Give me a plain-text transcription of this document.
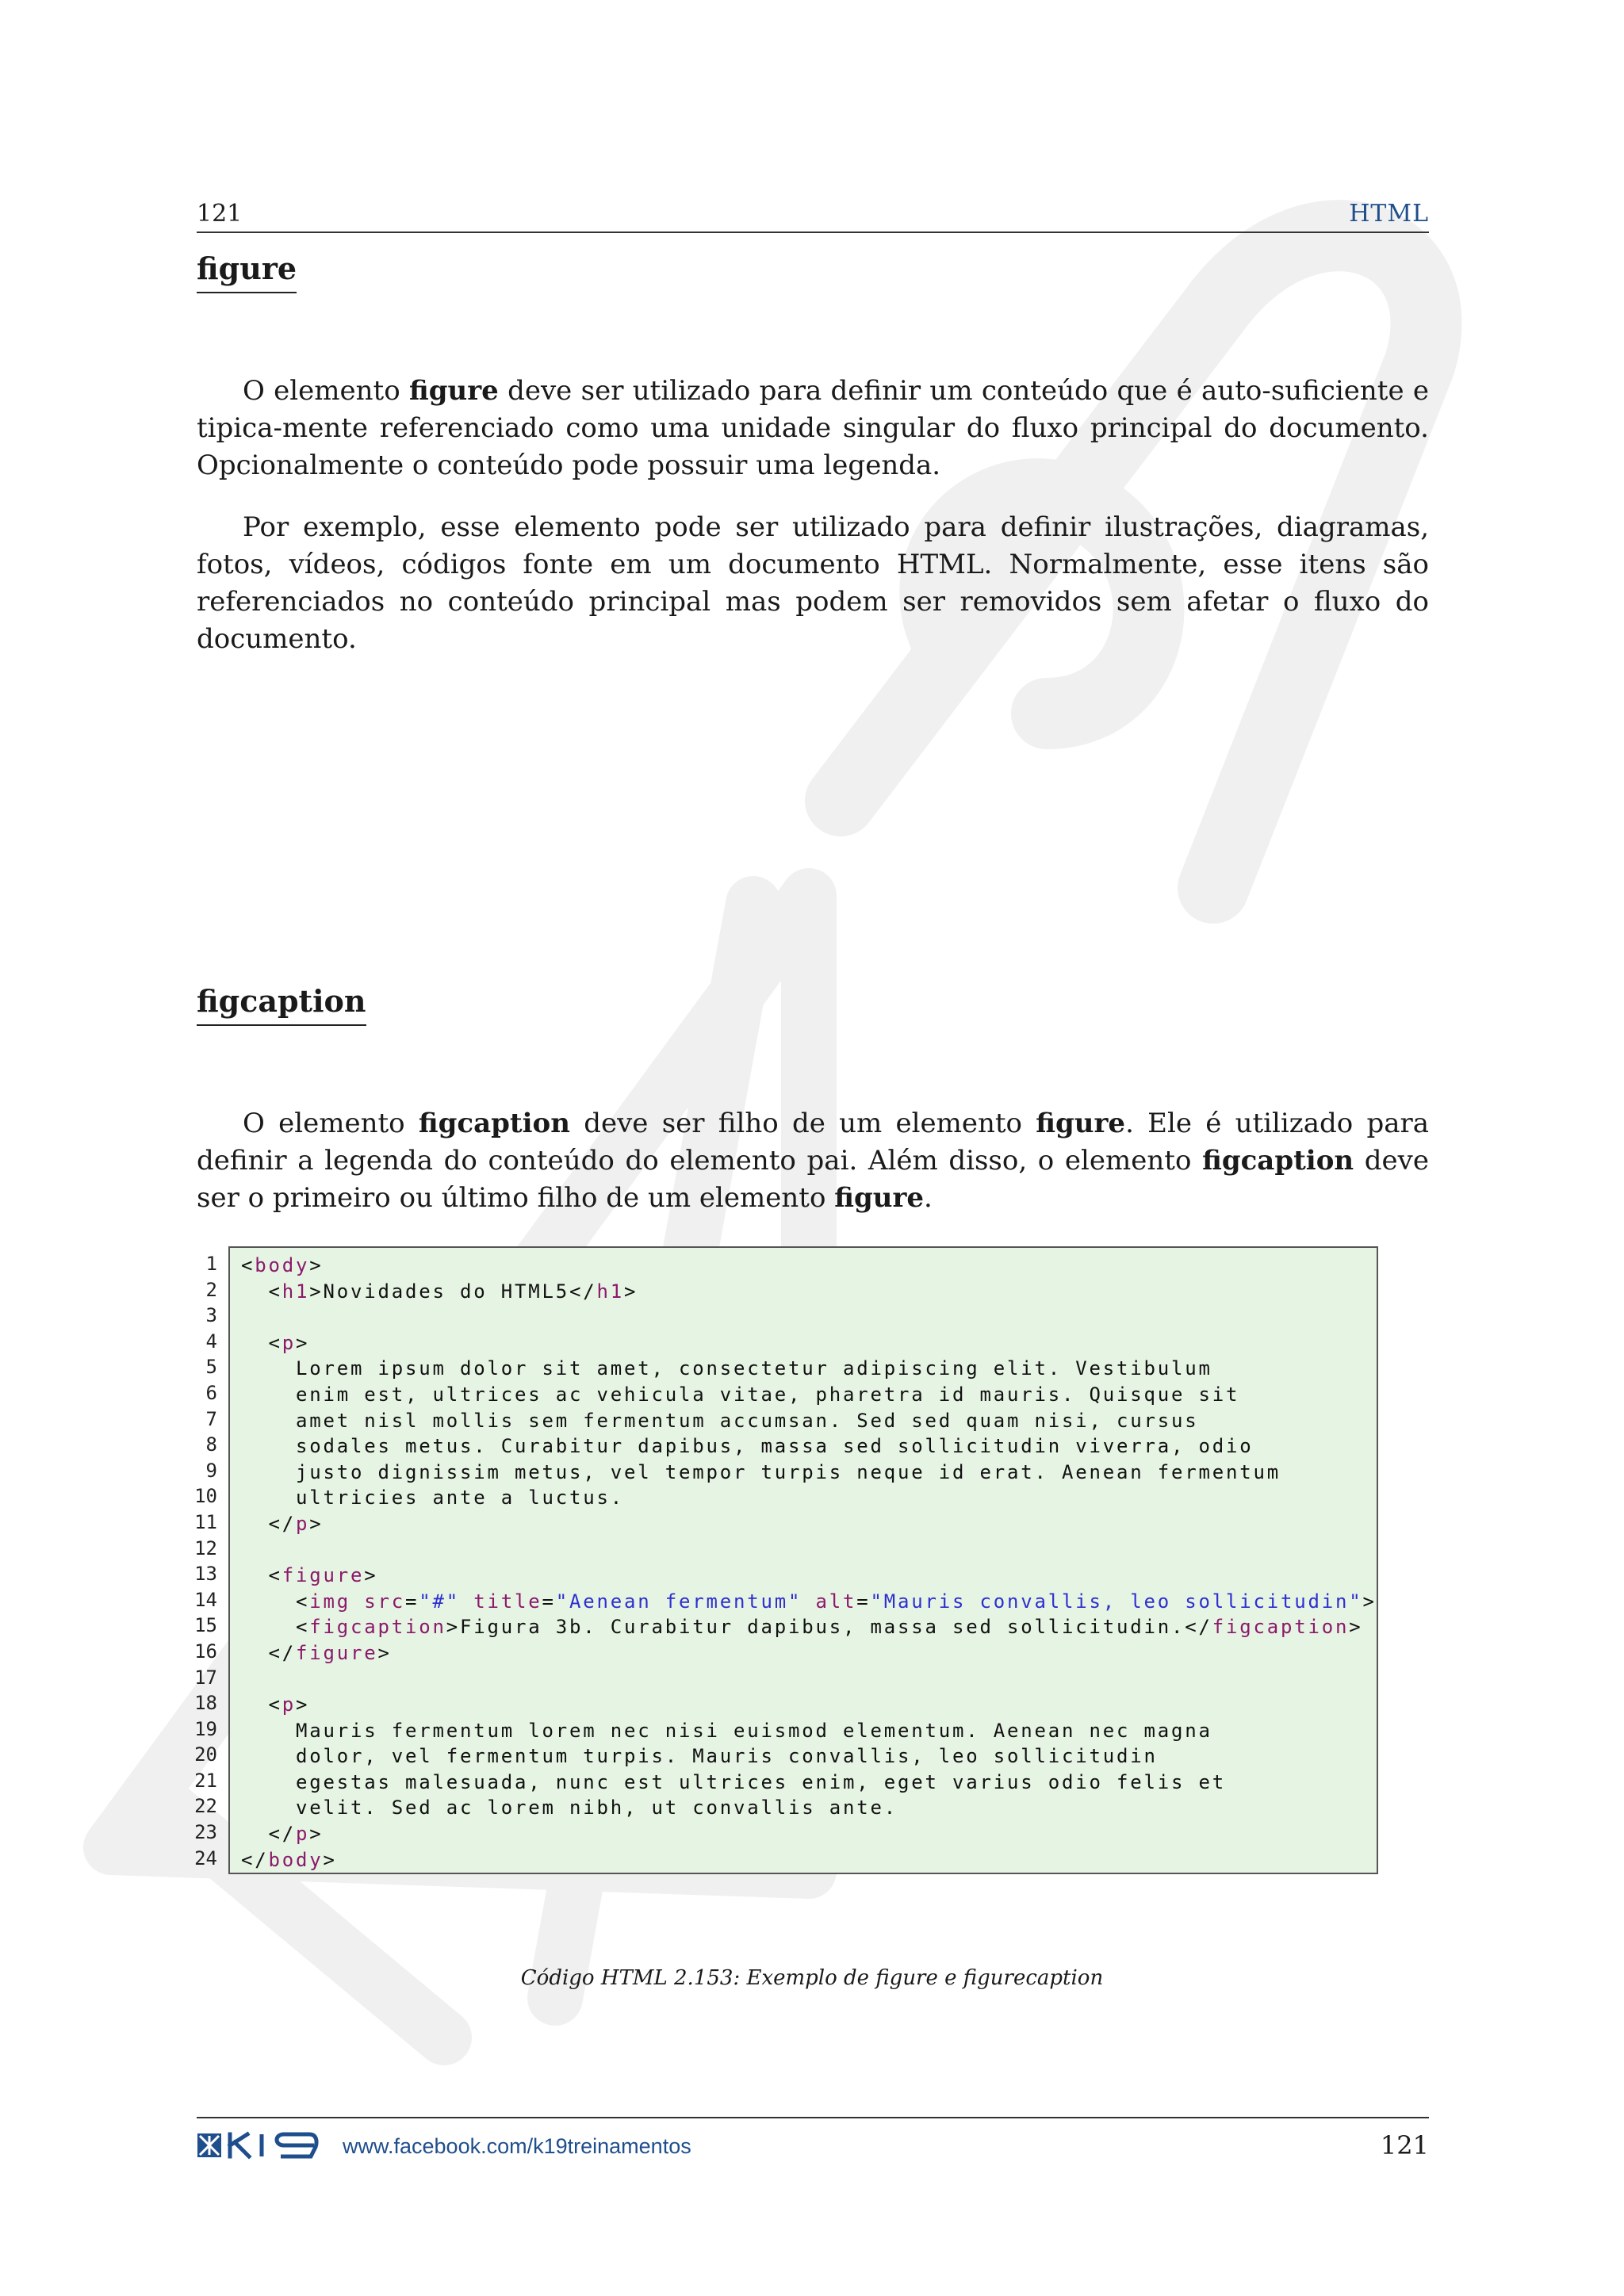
121	HTML
figure

O elemento figure deve ser utilizado para definir um conteúdo que é auto-suficiente e tipica-mente referenciado como uma unidade singular do fluxo principal do documento. Opcionalmente o conteúdo pode possuir uma legenda.

Por exemplo, esse elemento pode ser utilizado para definir ilustrações, diagramas, fotos, vídeos, códigos fonte em um documento HTML. Normalmente, esse itens são referenciados no conteúdo principal mas podem ser removidos sem afetar o fluxo do documento.

figcaption

O elemento figcaption deve ser filho de um elemento figure. Ele é utilizado para definir a legenda do conteúdo do elemento pai. Além disso, o elemento figcaption deve ser o primeiro ou último filho de um elemento figure.

1
2
3
4
5
6
7
8
9
10
11
12
13
14
15
16
17
18
19
20
21
22
23
24
<body>
<h1>Novidades do HTML5</h1>
<p>
Lorem ipsum dolor sit amet, consectetur adipiscing elit. Vestibulum
enim est, ultrices ac vehicula vitae, pharetra id mauris. Quisque sit
amet nisl mollis sem fermentum accumsan. Sed sed quam nisi, cursus
sodales metus. Curabitur dapibus, massa sed sollicitudin viverra, odio
justo dignissim metus, vel tempor turpis neque id erat. Aenean fermentum
ultricies ante a luctus.
</p>
<figure>
<img src="#" title="Aenean fermentum" alt="Mauris convallis, leo sollicitudin">
<figcaption>Figura 3b. Curabitur dapibus, massa sed sollicitudin.</figcaption>
</figure>
<p>
Mauris fermentum lorem nec nisi euismod elementum. Aenean nec magna
dolor, vel fermentum turpis. Mauris convallis, leo sollicitudin
egestas malesuada, nunc est ultrices enim, eget varius odio felis et
velit. Sed ac lorem nibh, ut convallis ante.
</p>
</body>
Código HTML 2.153: Exemplo de figure e figurecaption
www.facebook.com/k19treinamentos	121
